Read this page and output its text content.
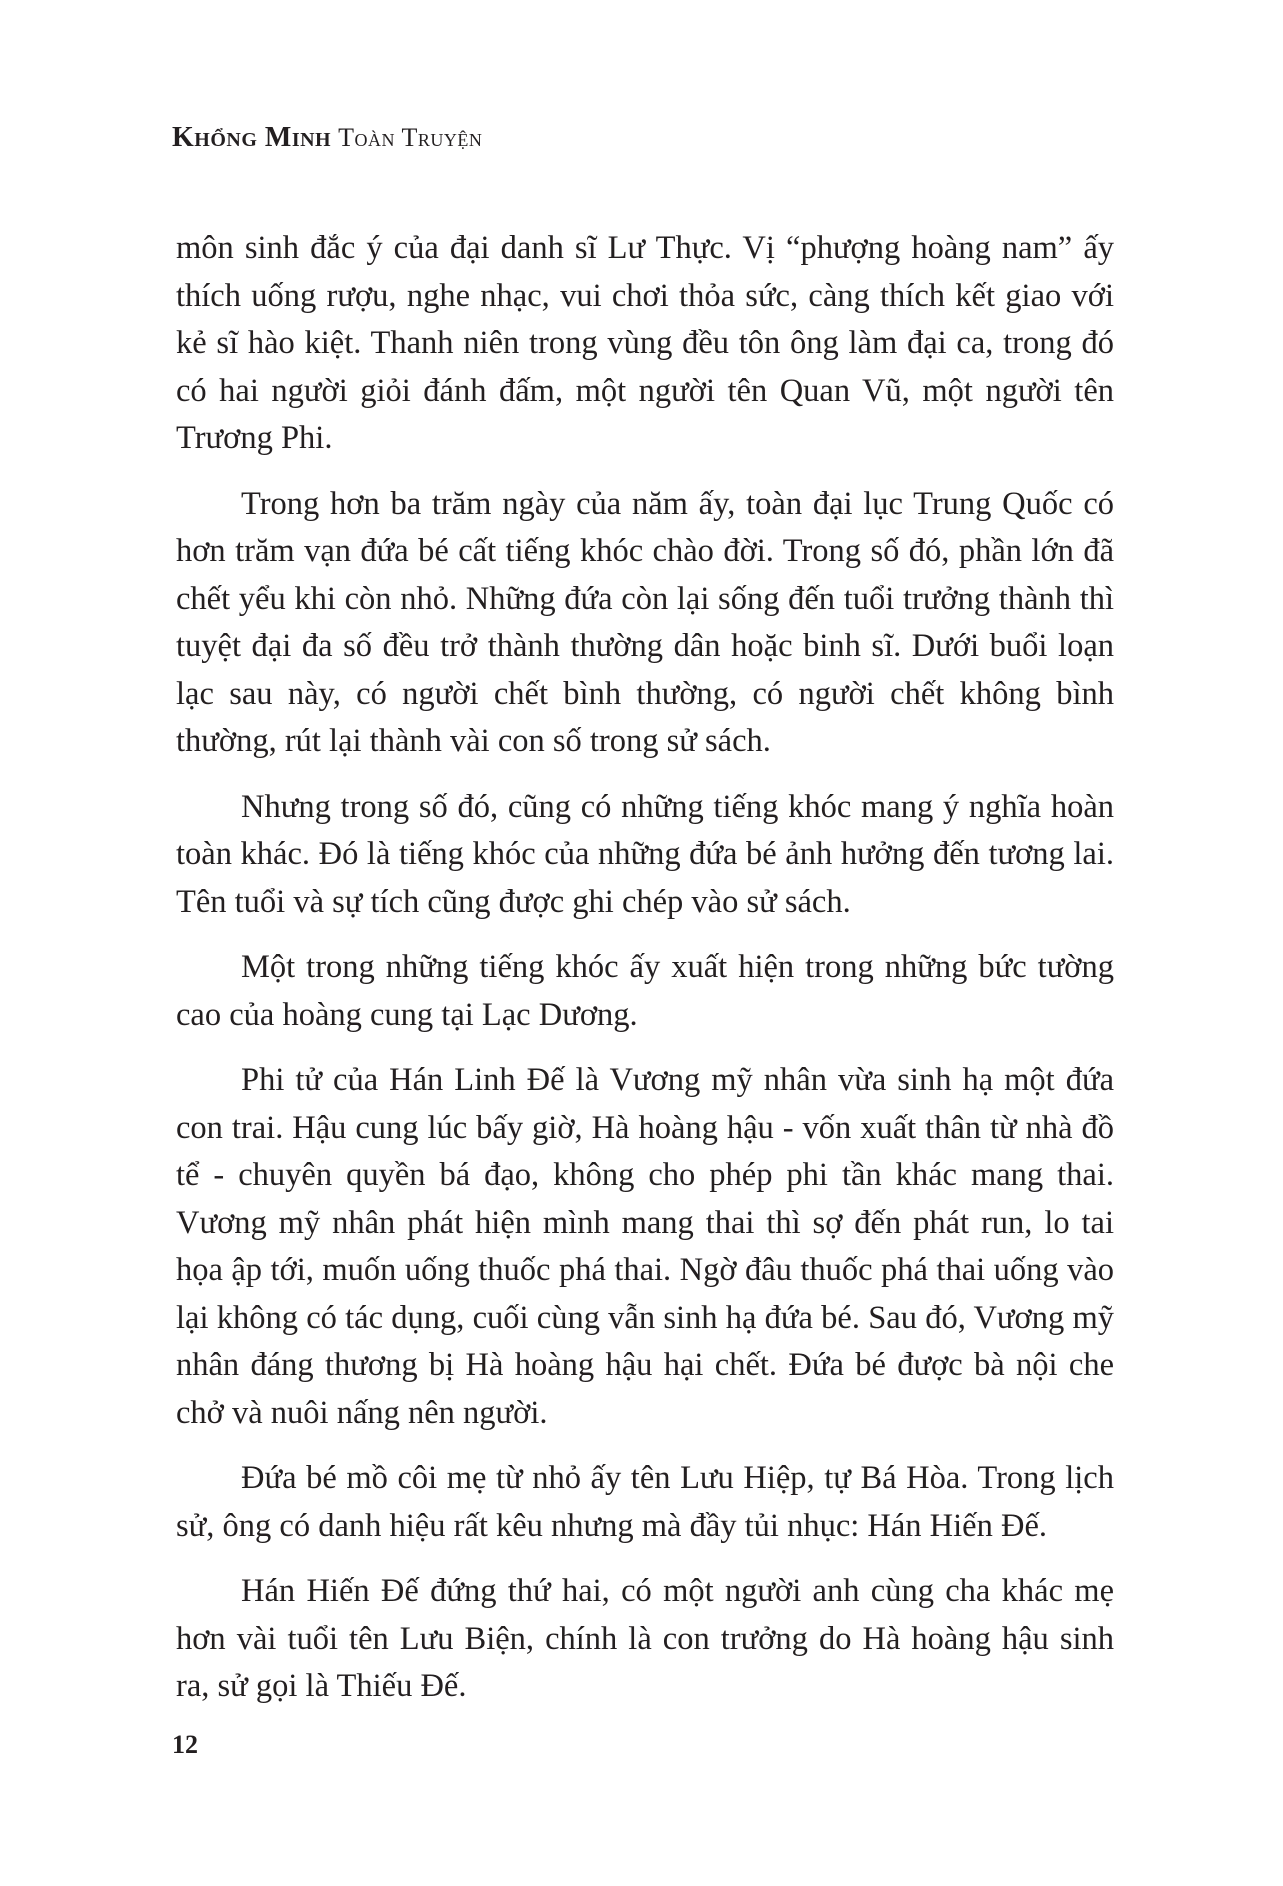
Khổng Minh Toàn Truyện

môn sinh đắc ý của đại danh sĩ Lư Thực. Vị “phượng hoàng nam” ấy thích uống rượu, nghe nhạc, vui chơi thỏa sức, càng thích kết giao với kẻ sĩ hào kiệt. Thanh niên trong vùng đều tôn ông làm đại ca, trong đó có hai người giỏi đánh đấm, một người tên Quan Vũ, một người tên Trương Phi.

Trong hơn ba trăm ngày của năm ấy, toàn đại lục Trung Quốc có hơn trăm vạn đứa bé cất tiếng khóc chào đời. Trong số đó, phần lớn đã chết yểu khi còn nhỏ. Những đứa còn lại sống đến tuổi trưởng thành thì tuyệt đại đa số đều trở thành thường dân hoặc binh sĩ. Dưới buổi loạn lạc sau này, có người chết bình thường, có người chết không bình thường, rút lại thành vài con số trong sử sách.

Nhưng trong số đó, cũng có những tiếng khóc mang ý nghĩa hoàn toàn khác. Đó là tiếng khóc của những đứa bé ảnh hưởng đến tương lai. Tên tuổi và sự tích cũng được ghi chép vào sử sách.

Một trong những tiếng khóc ấy xuất hiện trong những bức tường cao của hoàng cung tại Lạc Dương.

Phi tử của Hán Linh Đế là Vương mỹ nhân vừa sinh hạ một đứa con trai. Hậu cung lúc bấy giờ, Hà hoàng hậu - vốn xuất thân từ nhà đồ tể - chuyên quyền bá đạo, không cho phép phi tần khác mang thai. Vương mỹ nhân phát hiện mình mang thai thì sợ đến phát run, lo tai họa ập tới, muốn uống thuốc phá thai. Ngờ đâu thuốc phá thai uống vào lại không có tác dụng, cuối cùng vẫn sinh hạ đứa bé. Sau đó, Vương mỹ nhân đáng thương bị Hà hoàng hậu hại chết. Đứa bé được bà nội che chở và nuôi nấng nên người.

Đứa bé mồ côi mẹ từ nhỏ ấy tên Lưu Hiệp, tự Bá Hòa. Trong lịch sử, ông có danh hiệu rất kêu nhưng mà đầy tủi nhục: Hán Hiến Đế.

Hán Hiến Đế đứng thứ hai, có một người anh cùng cha khác mẹ hơn vài tuổi tên Lưu Biện, chính là con trưởng do Hà hoàng hậu sinh ra, sử gọi là Thiếu Đế.

12
